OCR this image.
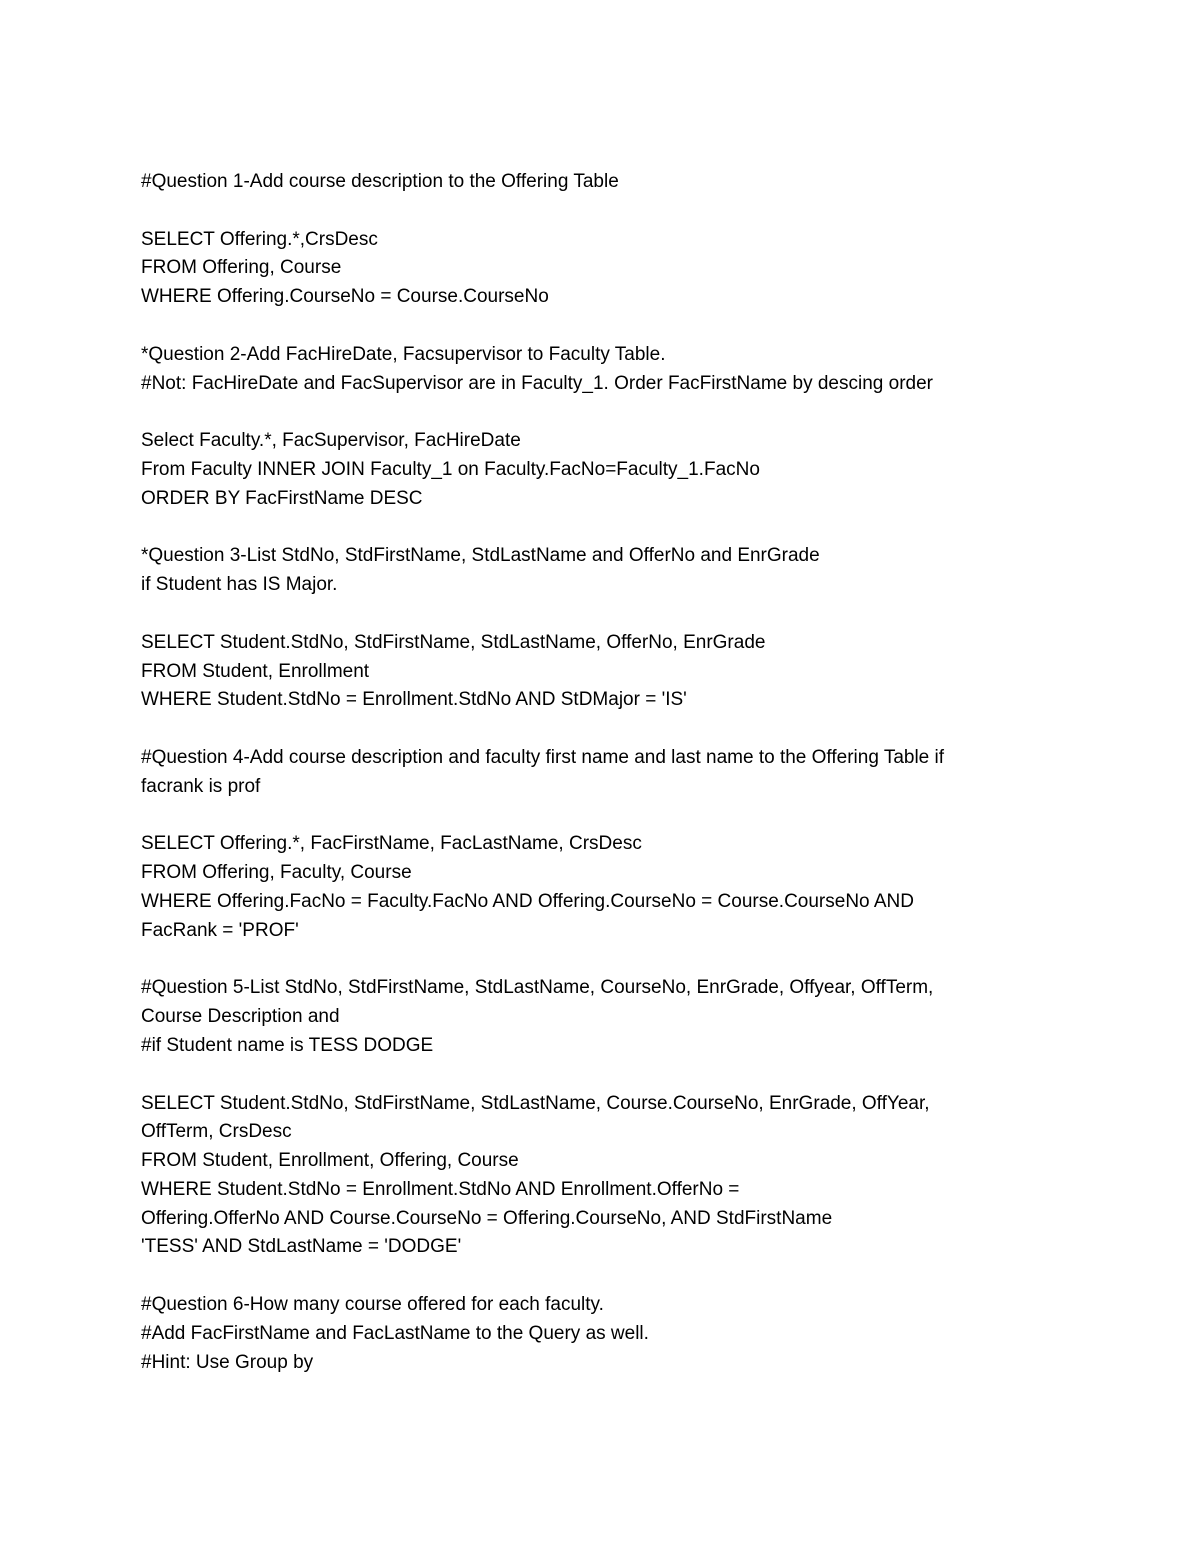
#Question 1-Add course description to the Offering Table
SELECT Offering.*,CrsDesc
FROM Offering, Course
WHERE Offering.CourseNo = Course.CourseNo
*Question 2-Add FacHireDate, Facsupervisor to Faculty Table.
#Not: FacHireDate and FacSupervisor are in Faculty_1. Order FacFirstName by descing order
Select Faculty.*, FacSupervisor, FacHireDate
From Faculty INNER JOIN Faculty_1 on Faculty.FacNo=Faculty_1.FacNo
ORDER BY FacFirstName DESC
*Question 3-List StdNo, StdFirstName, StdLastName and OfferNo and EnrGrade
if Student has IS Major.
SELECT Student.StdNo, StdFirstName, StdLastName, OfferNo, EnrGrade
FROM Student, Enrollment
WHERE Student.StdNo = Enrollment.StdNo AND StDMajor = 'IS'
#Question 4-Add course description and faculty first name and last name to the Offering Table if
facrank is prof
SELECT Offering.*, FacFirstName, FacLastName, CrsDesc
FROM Offering, Faculty, Course
WHERE Offering.FacNo = Faculty.FacNo AND Offering.CourseNo = Course.CourseNo AND
FacRank = 'PROF'
#Question 5-List StdNo, StdFirstName, StdLastName, CourseNo, EnrGrade, Offyear, OffTerm,
Course Description and
#if Student name is TESS DODGE
SELECT Student.StdNo, StdFirstName, StdLastName, Course.CourseNo, EnrGrade, OffYear,
OffTerm, CrsDesc
FROM Student, Enrollment, Offering, Course
WHERE Student.StdNo = Enrollment.StdNo AND Enrollment.OfferNo =
Offering.OfferNo AND Course.CourseNo = Offering.CourseNo, AND StdFirstName
'TESS' AND StdLastName = 'DODGE'
#Question 6-How many course offered for each faculty.
#Add FacFirstName and FacLastName to the Query as well.
#Hint: Use Group by
